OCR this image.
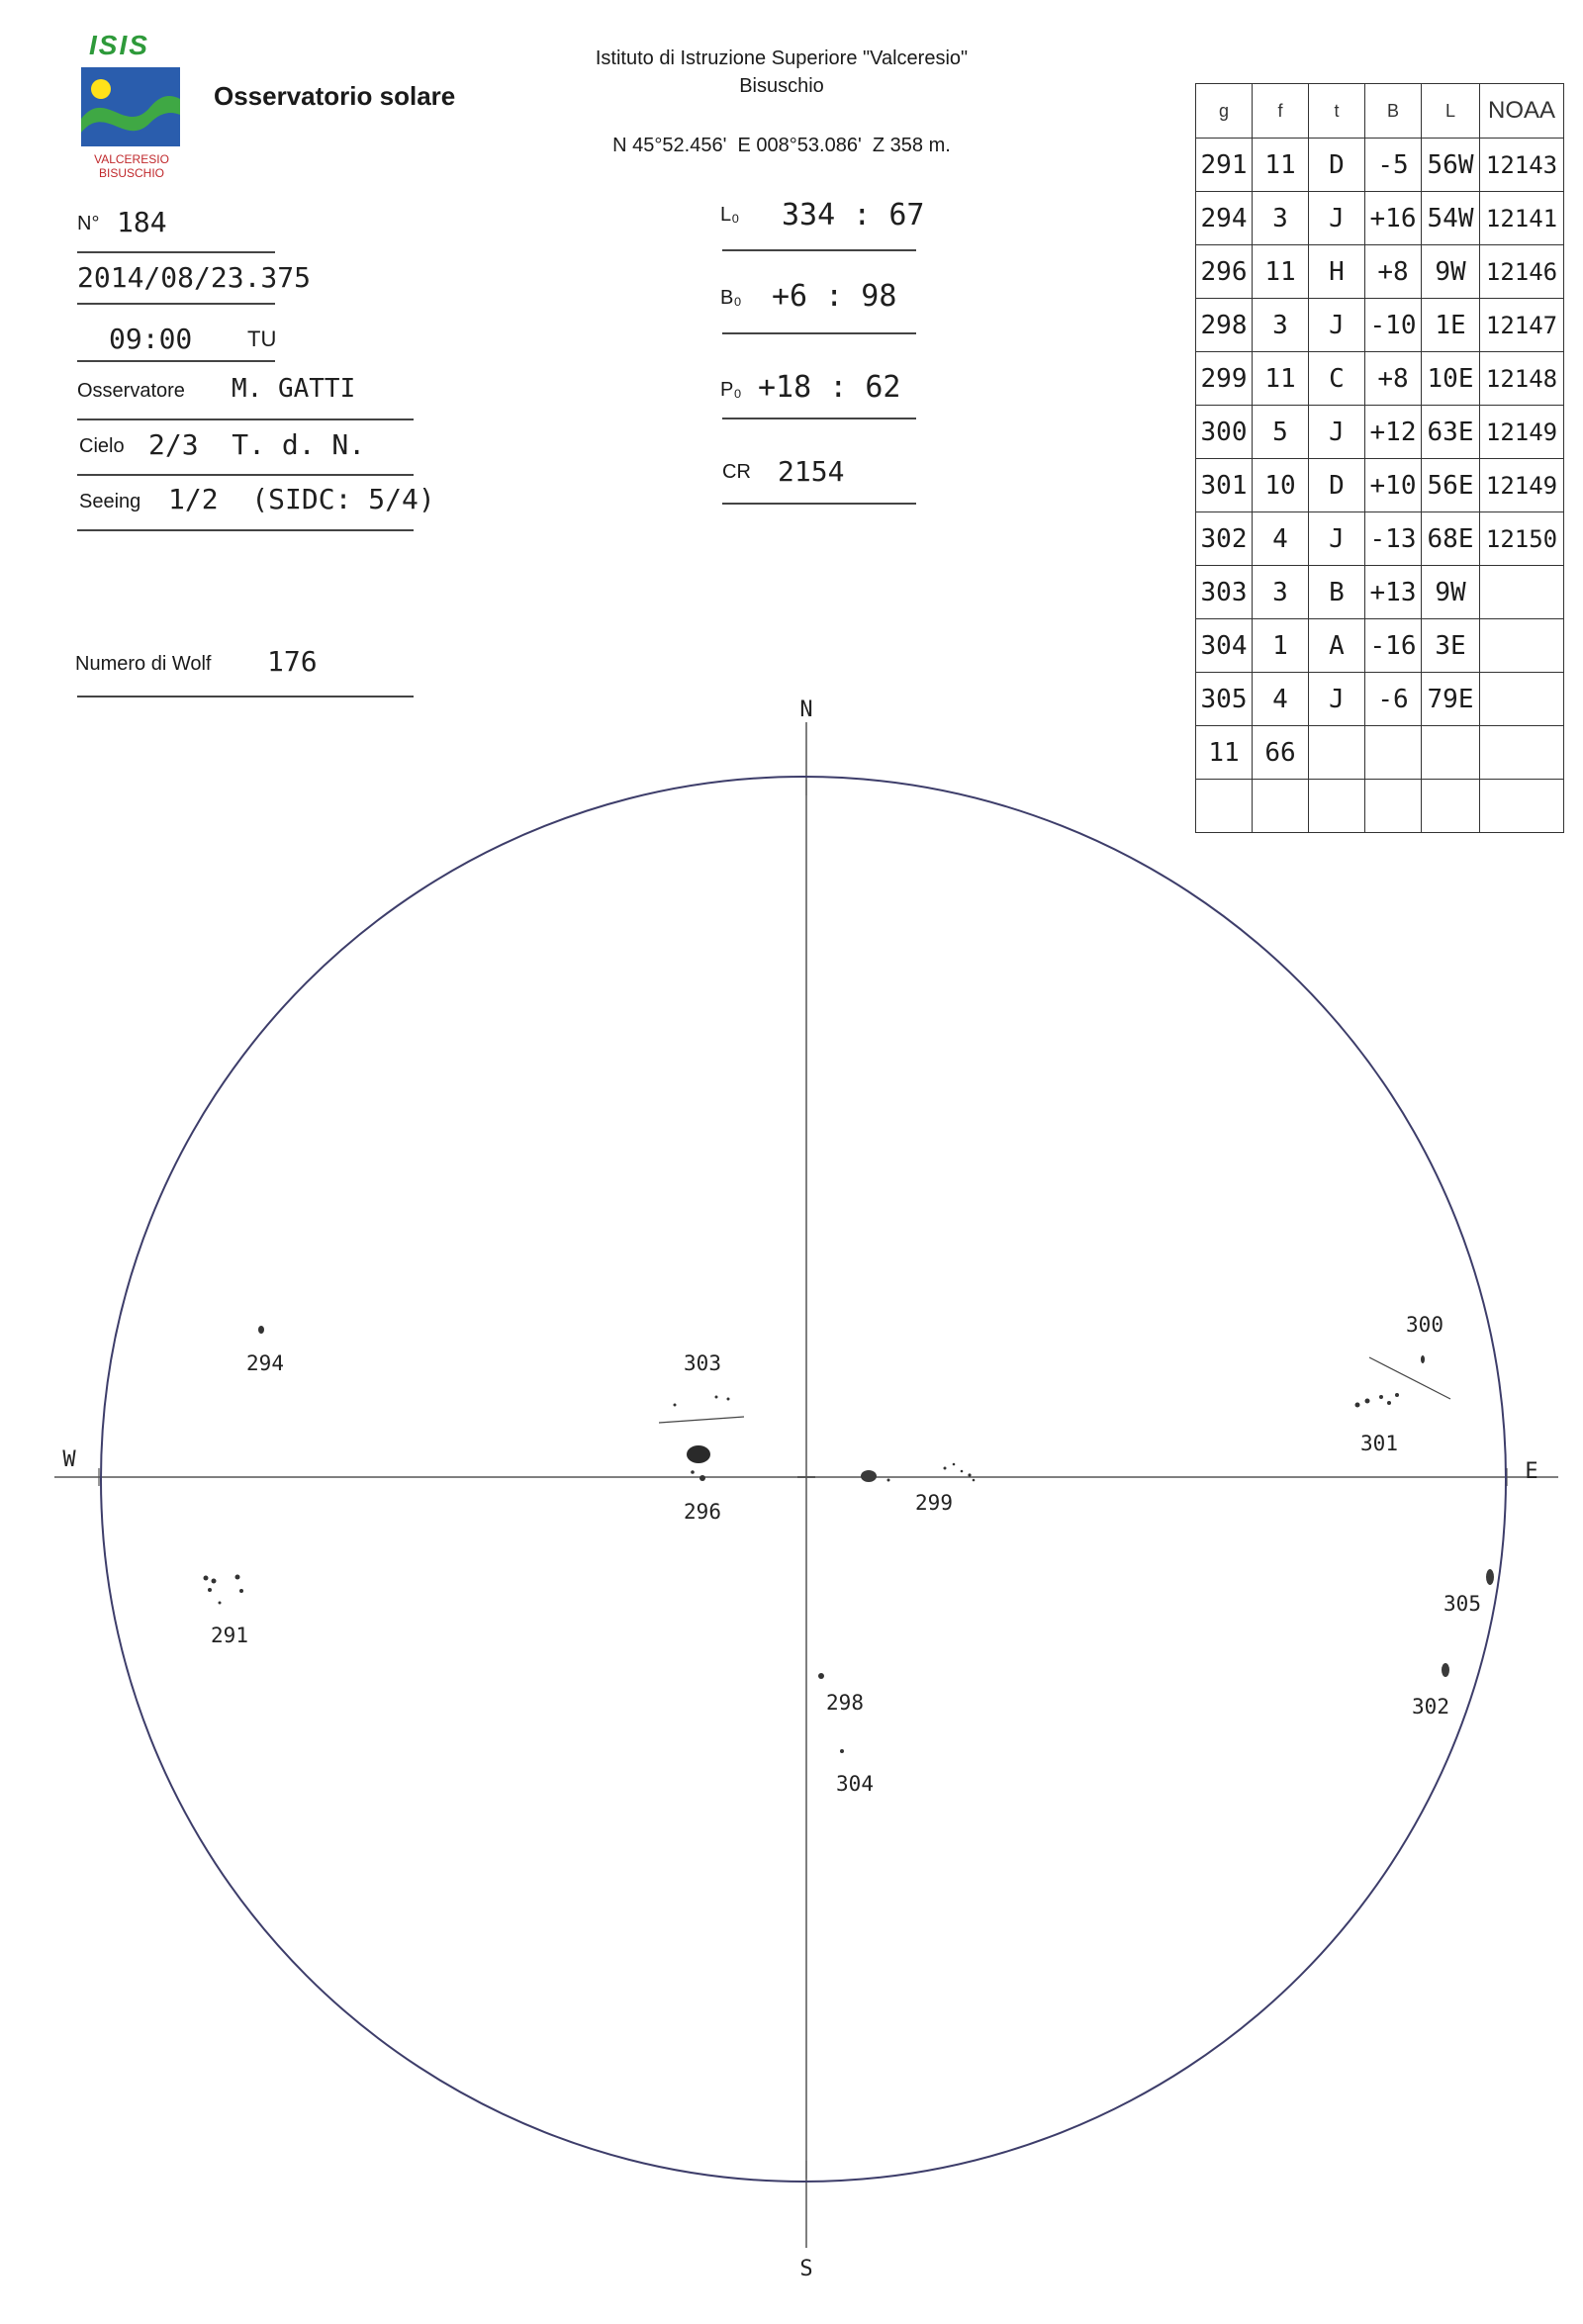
ISIS
VALCERESIO
BISUSCHIO
Osservatorio solare
Istituto di Istruzione Superiore "Valceresio"
Bisuschio
N 45°52.456'  E 008°53.086'  Z 358 m.
N° 184
2014/08/23.375
09:00	TU
Osservatore M. GATTI
Cielo 2/3  T. d. N.
Seeing 1/2  (SIDC: 5/4)
Numero di Wolf 176
L₀ 334 : 67
B₀ +6 : 98
P₀ +18 : 62
CR 2154
g	f	t	B	L	NOAA
291	11	D	-5	56W	12143
294	3	J	+16	54W	12141
296	11	H	+8	9W	12146
298	3	J	-10	1E	12147
299	11	C	+8	10E	12148
300	5	J	+12	63E	12149
301	10	D	+10	56E	12149
302	4	J	-13	68E	12150
303	3	B	+13	9W	
304	1	A	-16	3E	
305	4	J	-6	79E	
11	66				

N
S
W	E
294	303
296	299
300
301
291
298
304
305
302
